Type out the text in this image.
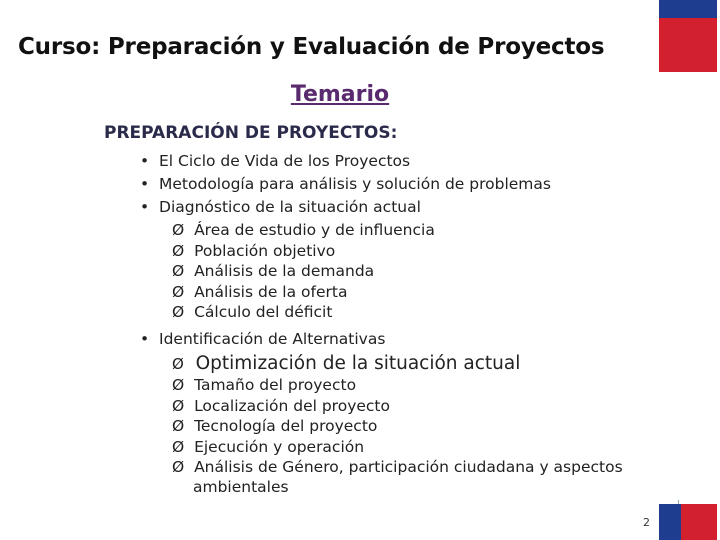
Curso: Preparación y Evaluación de Proyectos
Temario
PREPARACIÓN DE PROYECTOS:
• El Ciclo de Vida de los Proyectos
• Metodología para análisis y solución de problemas
• Diagnóstico de la situación actual
Ø Área de estudio y de influencia
Ø Población objetivo
Ø Análisis de la demanda
Ø Análisis de la oferta
Ø Cálculo del déficit
• Identificación de Alternativas
Ø Optimización de la situación actual
Ø Tamaño del proyecto
Ø Localización del proyecto
Ø Tecnología del proyecto
Ø Ejecución y operación
Ø Análisis de Género, participación ciudadana y aspectos
ambientales
2
